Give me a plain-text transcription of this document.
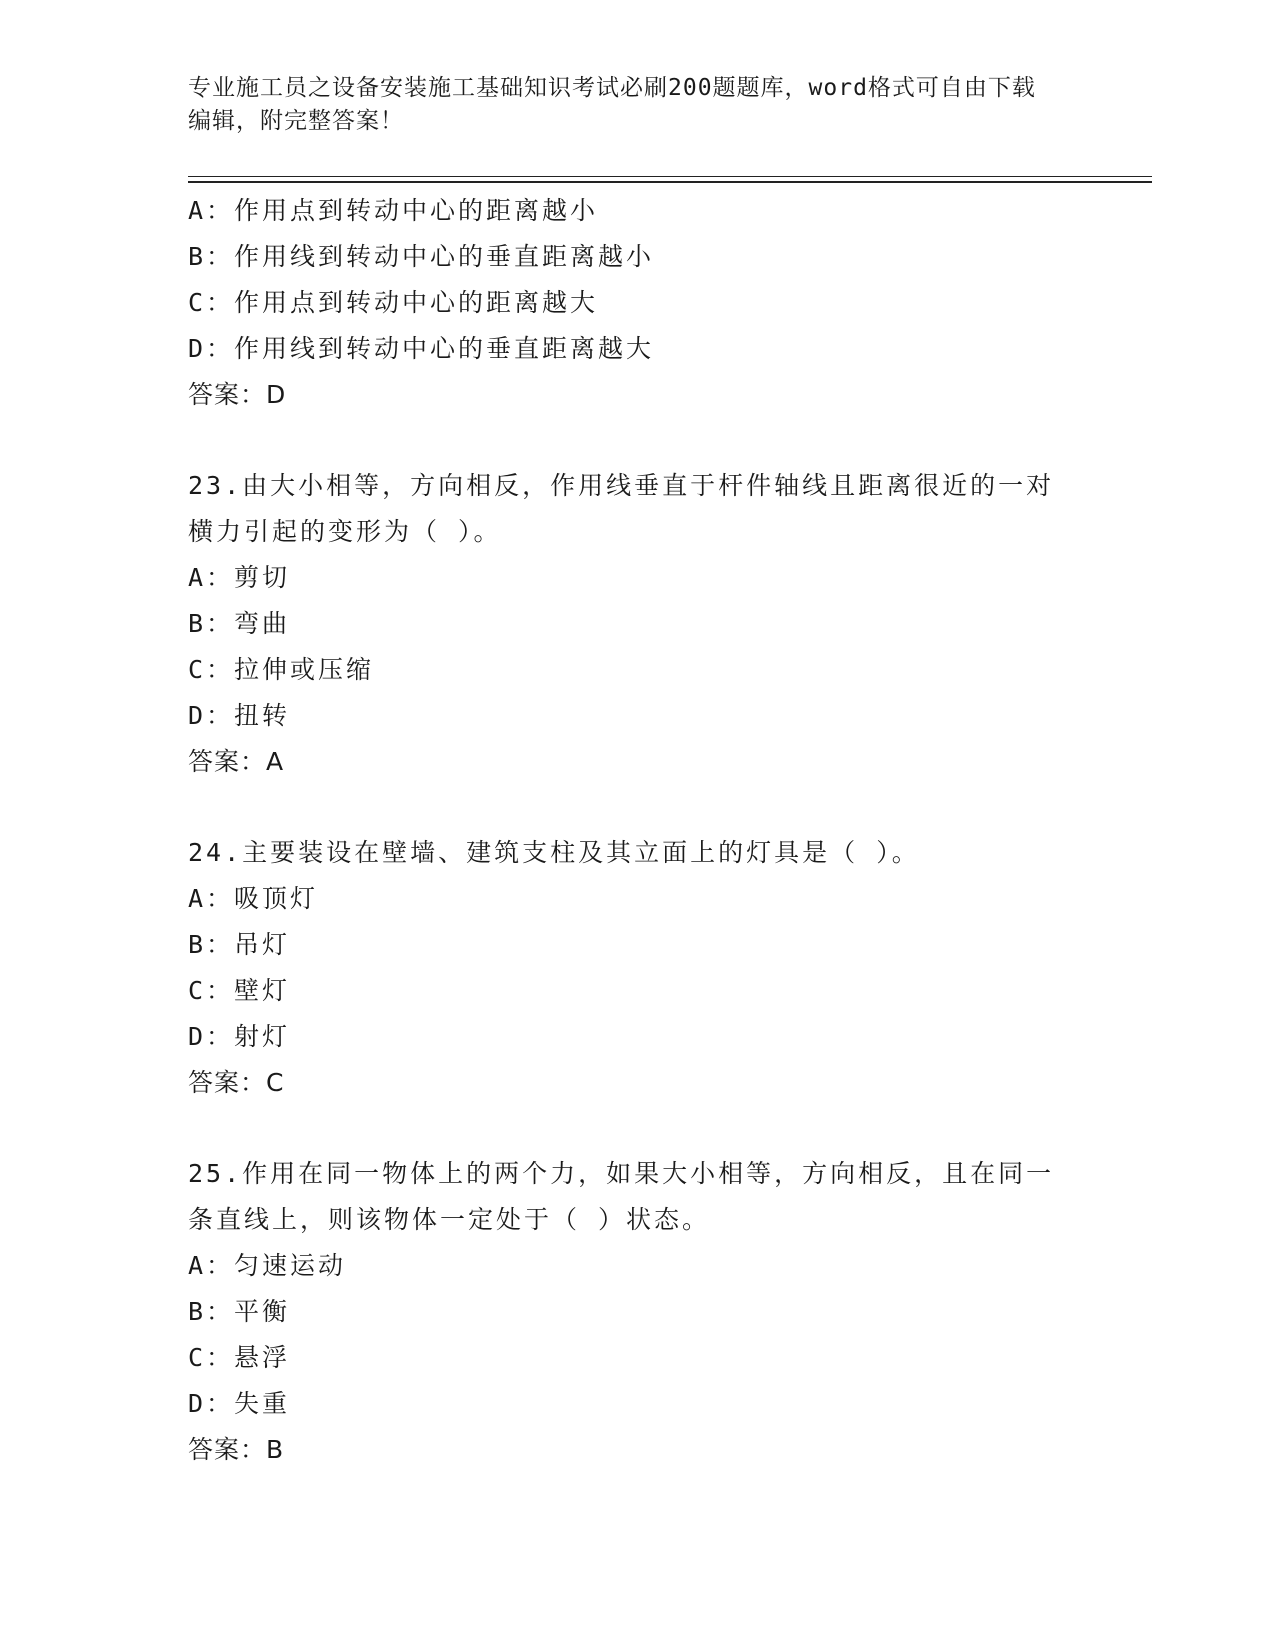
专业施工员之设备安装施工基础知识考试必刷200题题库，word格式可自由下载
编辑，附完整答案！
A：作用点到转动中心的距离越小
B：作用线到转动中心的垂直距离越小
C：作用点到转动中心的距离越大
D：作用线到转动中心的垂直距离越大
答案：D
23.由大小相等，方向相反，作用线垂直于杆件轴线且距离很近的一对
横力引起的变形为（ ）。
A：剪切
B：弯曲
C：拉伸或压缩
D：扭转
答案：A
24.主要装设在壁墙、建筑支柱及其立面上的灯具是（ ）。
A：吸顶灯
B：吊灯
C：壁灯
D：射灯
答案：C
25.作用在同一物体上的两个力，如果大小相等，方向相反，且在同一
条直线上，则该物体一定处于（ ）状态。
A：匀速运动
B：平衡
C：悬浮
D：失重
答案：B
